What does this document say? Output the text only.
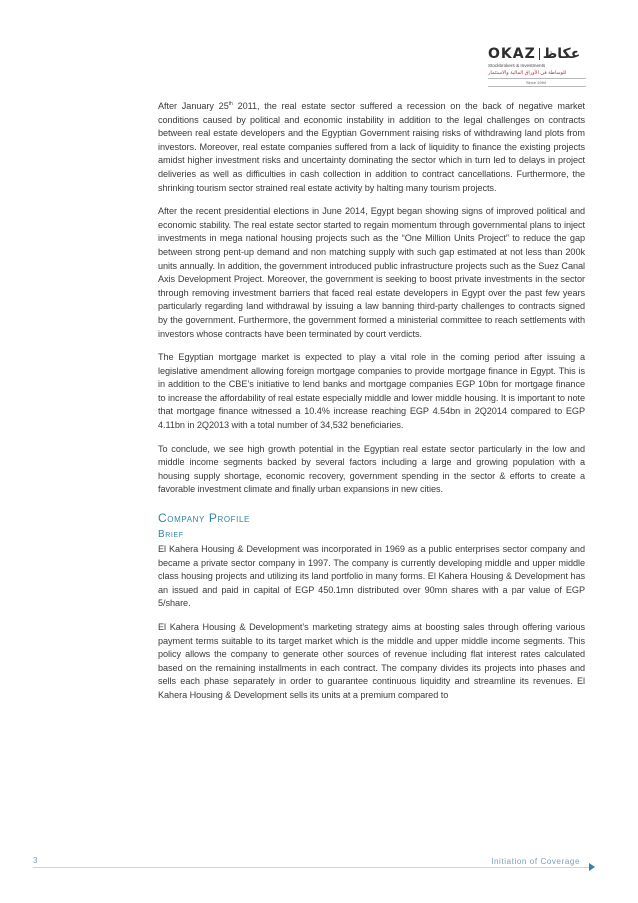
OKAZ عكاظ
Stockbrokers & Investments
للوساطة في الأوراق المالية والاستثمار
Since 1994

After January 25th 2011, the real estate sector suffered a recession on the back of negative market conditions caused by political and economic instability in addition to the legal challenges on contracts between real estate developers and the Egyptian Government raising risks of withdrawing land plots from investors. Moreover, real estate companies suffered from a lack of liquidity to finance the existing projects amidst higher investment risks and uncertainty dominating the sector which in turn led to delays in project deliveries as well as difficulties in cash collection in addition to contract cancellations. Furthermore, the shrinking tourism sector strained real estate activity by halting many tourism projects.

After the recent presidential elections in June 2014, Egypt began showing signs of improved political and economic stability. The real estate sector started to regain momentum through governmental plans to inject investments in mega national housing projects such as the “One Million Units Project” to reduce the gap between strong pent-up demand and non matching supply with such gap estimated at not less than 200k units annually. In addition, the government introduced public infrastructure projects such as the Suez Canal Axis Development Project. Moreover, the government is seeking to boost private investments in the sector through removing investment barriers that faced real estate developers in Egypt over the past few years particularly regarding land withdrawal by issuing a law banning third-party challenges to contracts signed by the government. Furthermore, the government formed a ministerial committee to reach settlements with investors whose contracts have been terminated by court verdicts.

The Egyptian mortgage market is expected to play a vital role in the coming period after issuing a legislative amendment allowing foreign mortgage companies to provide mortgage finance in Egypt. This is in addition to the CBE’s initiative to lend banks and mortgage companies EGP 10bn for mortgage finance to increase the affordability of real estate especially middle and lower middle housing. It is important to note that mortgage finance witnessed a 10.4% increase reaching EGP 4.54bn in 2Q2014 compared to EGP 4.11bn in 2Q2013 with a total number of 34,532 beneficiaries.

To conclude, we see high growth potential in the Egyptian real estate sector particularly in the low and middle income segments backed by several factors including a large and growing population with a housing supply shortage, economic recovery, government spending in the sector & efforts to create a favorable investment climate and finally urban expansions in new cities.

Company Profile
Brief

El Kahera Housing & Development was incorporated in 1969 as a public enterprises sector company and became a private sector company in 1997. The company is currently developing middle and upper middle class housing projects and utilizing its land portfolio in many forms. El Kahera Housing & Development has an issued and paid in capital of EGP 450.1mn distributed over 90mn shares with a par value of EGP 5/share.

El Kahera Housing & Development’s marketing strategy aims at boosting sales through offering various payment terms suitable to its target market which is the middle and upper middle income segments. This policy allows the company to generate other sources of revenue including flat interest rates calculated based on the remaining installments in each contract. The company divides its projects into phases and sells each phase separately in order to guarantee continuous liquidity and streamline its revenues. El Kahera Housing & Development sells its units at a premium compared to

3	Initiation of Coverage
